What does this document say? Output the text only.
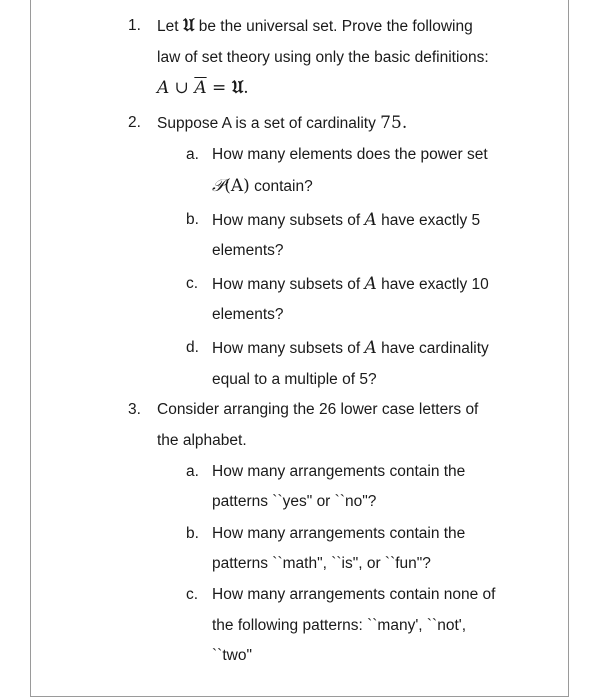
1. Let 𝔘 be the universal set. Prove the following
law of set theory using only the basic definitions:
A ∪ $\overline{A}$ = 𝔘.
2. Suppose A is a set of cardinality 75.
a. How many elements does the power set
𝒫(A) contain?
b. How many subsets of A have exactly 5
elements?
c. How many subsets of A have exactly 10
elements?
d. How many subsets of A have cardinality
equal to a multiple of 5?
3. Consider arranging the 26 lower case letters of
the alphabet.
a. How many arrangements contain the
patterns ``yes" or ``no"?
b. How many arrangements contain the
patterns ``math", ``is", or ``fun"?
c. How many arrangements contain none of
the following patterns: ``many', ``not',
``two"
